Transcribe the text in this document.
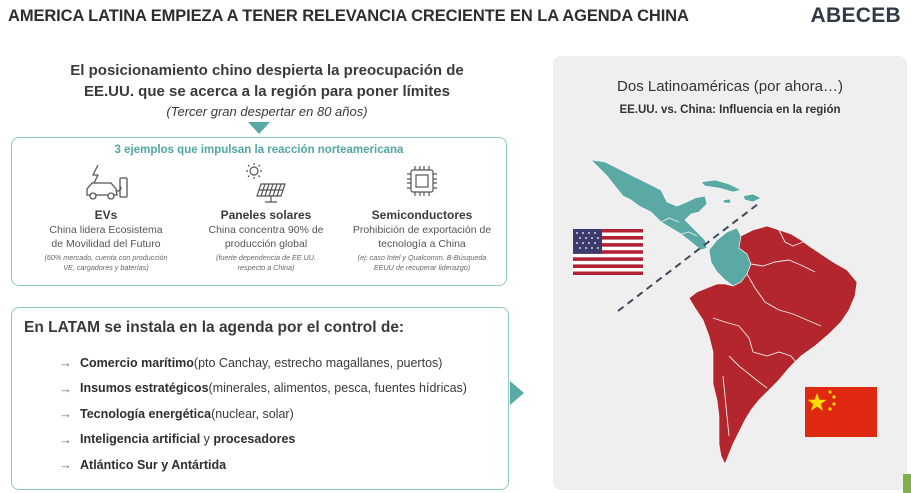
AMERICA LATINA EMPIEZA A TENER RELEVANCIA CRECIENTE EN LA AGENDA CHINA	ABECEB
El posicionamiento chino despierta la preocupación de
EE.UU. que se acerca a la región para poner límites
(Tercer gran despertar en 80 años)
3 ejemplos que impulsan la reacción norteamericana
EVs
China lidera Ecosistema
de Movilidad del Futuro
(60% mercado, cuenta con producción
VE, cargadores y baterías)
Paneles solares
China concentra 90% de
producción global
(fuerte dependencia de EE.UU.
respecto a China)
Semiconductores
Prohibición de exportación de
tecnología a China
(ej: caso Intel y Qualcomm. B-Búsqueda
EEUU de recuperar liderazgo)
En LATAM se instala en la agenda por el control de:
→ Comercio marítimo (pto Canchay, estrecho magallanes, puertos)
→ Insumos estratégicos (minerales, alimentos, pesca, fuentes hídricas)
→ Tecnología energética (nuclear, solar)
→ Inteligencia artificial y procesadores
→ Atlántico Sur y Antártida
Dos Latinoaméricas (por ahora…)
EE.UU. vs. China: Influencia en la región
